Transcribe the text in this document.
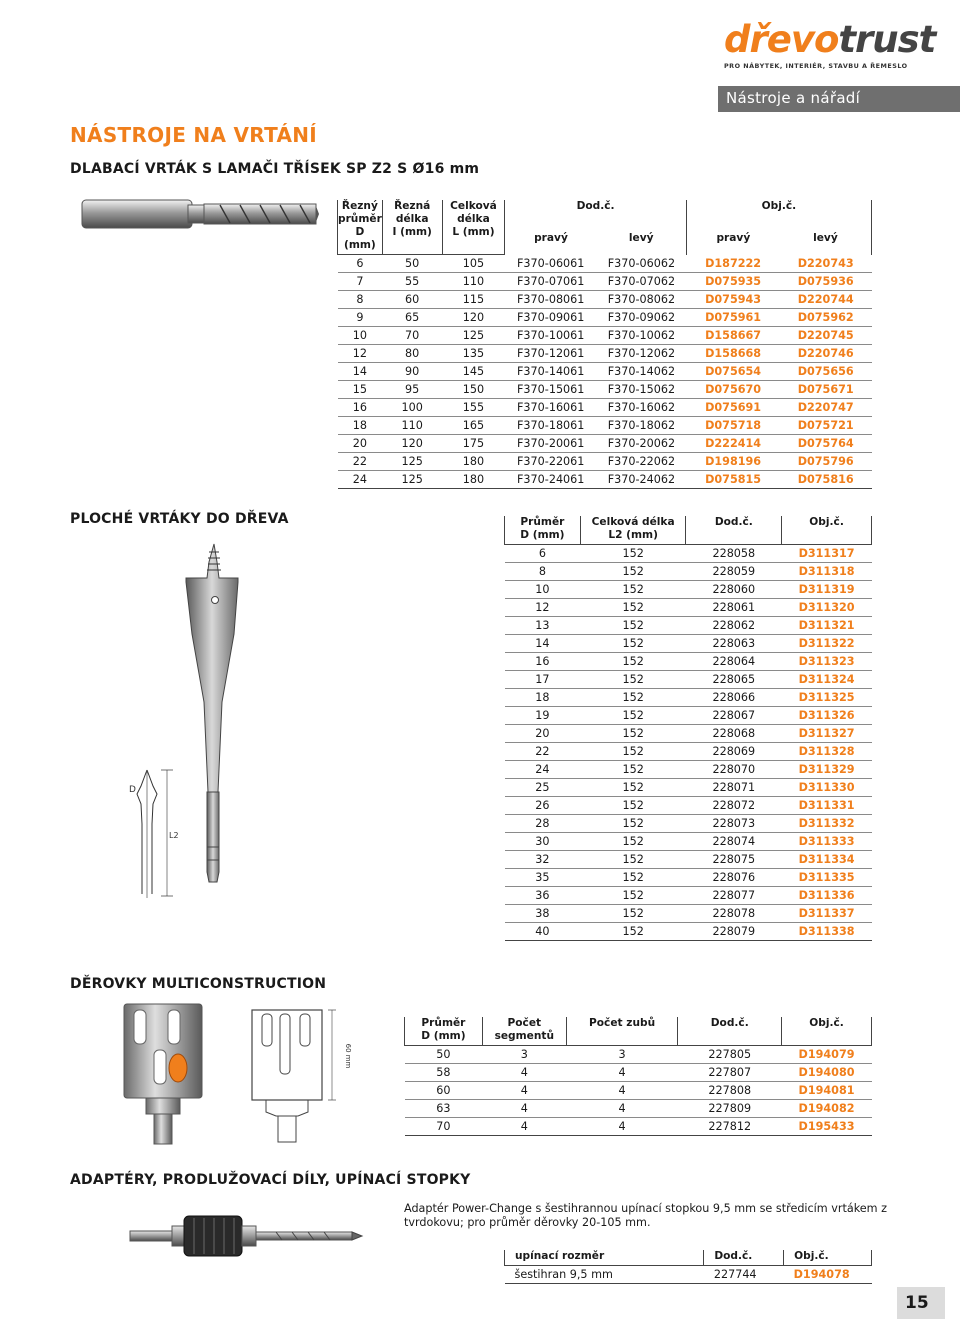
dřevotrust
PRO NÁBYTEK, INTERIÉR, STAVBU A ŘEMESLO
Nástroje a nářadí
NÁSTROJE NA VRTÁNÍ
DLABACÍ VRTÁK S LAMAČI TŘÍSEK SP Z2 S Ø16 mm
Řezný
průměr
D (mm)	Řezná
délka
I (mm)	Celková
délka
L (mm)	Dod.č.		Obj.č.	
			pravý	levý	pravý	levý
6	50	105	F370-06061	F370-06062	D187222	D220743
7	55	110	F370-07061	F370-07062	D075935	D075936
8	60	115	F370-08061	F370-08062	D075943	D220744
9	65	120	F370-09061	F370-09062	D075961	D075962
10	70	125	F370-10061	F370-10062	D158667	D220745
12	80	135	F370-12061	F370-12062	D158668	D220746
14	90	145	F370-14061	F370-14062	D075654	D075656
15	95	150	F370-15061	F370-15062	D075670	D075671
16	100	155	F370-16061	F370-16062	D075691	D220747
18	110	165	F370-18061	F370-18062	D075718	D075721
20	120	175	F370-20061	F370-20062	D222414	D075764
22	125	180	F370-22061	F370-22062	D198196	D075796
24	125	180	F370-24061	F370-24062	D075815	D075816
PLOCHÉ VRTÁKY DO DŘEVA
D
L2
Průměr
D (mm)	Celková délka
L2 (mm)	Dod.č.	Obj.č.
6	152	228058	D311317
8	152	228059	D311318
10	152	228060	D311319
12	152	228061	D311320
13	152	228062	D311321
14	152	228063	D311322
16	152	228064	D311323
17	152	228065	D311324
18	152	228066	D311325
19	152	228067	D311326
20	152	228068	D311327
22	152	228069	D311328
24	152	228070	D311329
25	152	228071	D311330
26	152	228072	D311331
28	152	228073	D311332
30	152	228074	D311333
32	152	228075	D311334
35	152	228076	D311335
36	152	228077	D311336
38	152	228078	D311337
40	152	228079	D311338
DĚROVKY MULTICONSTRUCTION
60 mm
Průměr
D (mm)	Počet
segmentů	Počet zubů	Dod.č.	Obj.č.
50	3	3	227805	D194079
58	4	4	227807	D194080
60	4	4	227808	D194081
63	4	4	227809	D194082
70	4	4	227812	D195433
ADAPTÉRY, PRODLUŽOVACÍ DÍLY, UPÍNACÍ STOPKY
Adaptér Power-Change s šestihrannou upínací stopkou 9,5 mm se středicím vrtákem z tvrdokovu; pro průměr děrovky 20-105 mm.
upínací rozměr	Dod.č.	Obj.č.
šestihran 9,5 mm	227744	D194078
15
